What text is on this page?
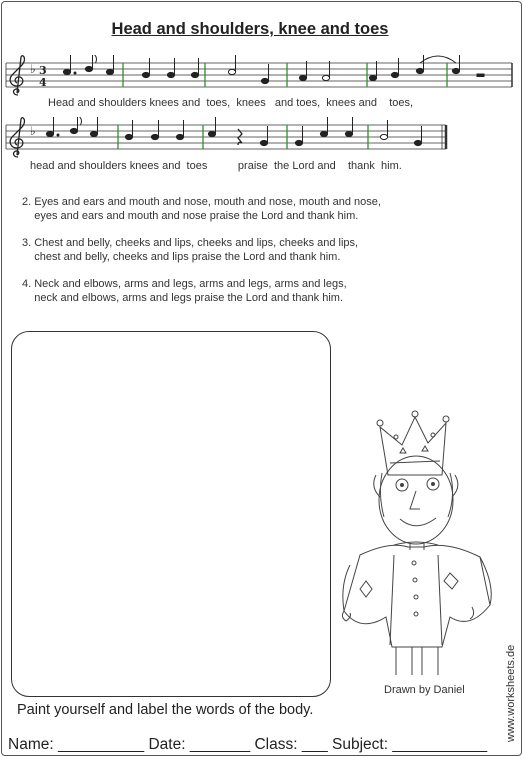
Head and shoulders, knee and toes
♭ 3
4
Head and shoulders knees and  toes,  knees   and toes,  knees and    toes,
♭
head and shoulders knees and  toes          praise  the Lord and    thank  him.
2. Eyes and ears and mouth and nose, mouth and nose, mouth and nose,
eyes and ears and mouth and nose praise the Lord and thank him.
3. Chest and belly, cheeks and lips, cheeks and lips, cheeks and lips,
chest and belly, cheeks and lips praise the Lord and thank him.
4. Neck and elbows, arms and legs, arms and legs, arms and legs,
neck and elbows, arms and legs praise the Lord and thank him.
Drawn by Daniel	www.worksheets.de
Paint yourself and label the words of the body.
Name: __________ Date: _______ Class: ___ Subject: ___________
